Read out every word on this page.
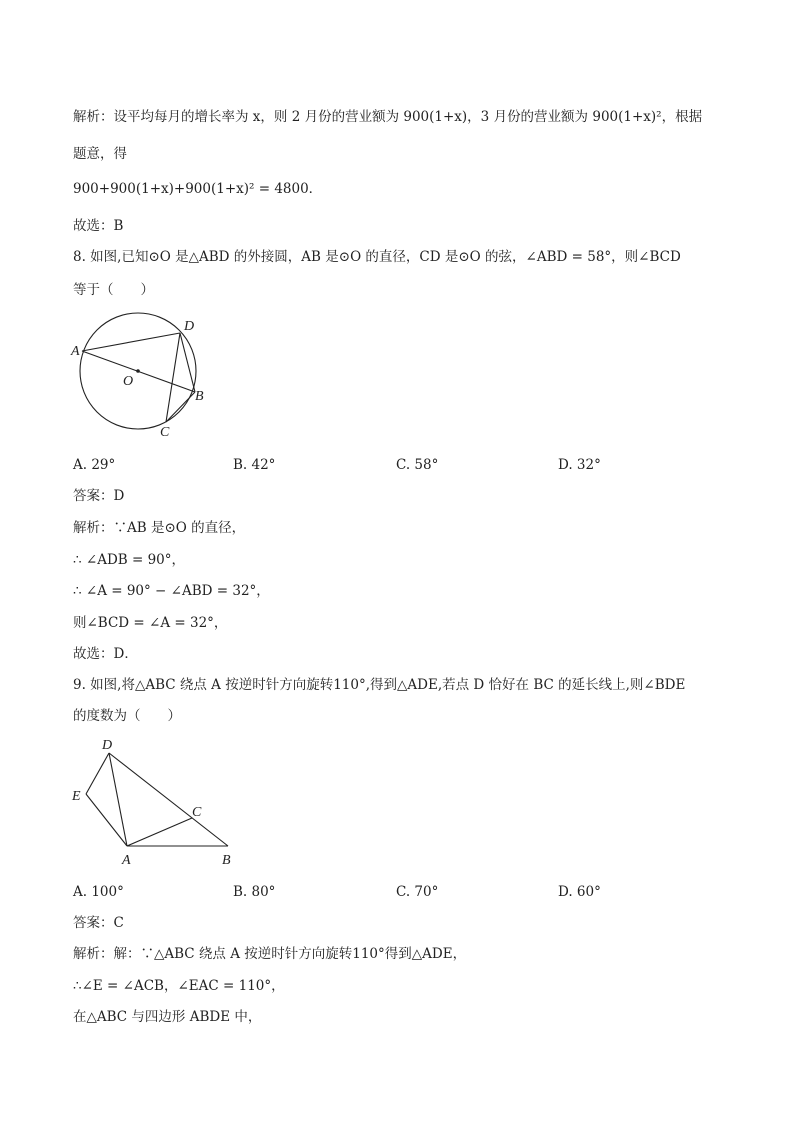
解析：设平均每月的增长率为 x，则 2 月份的营业额为 900(1+x)，3 月份的营业额为 900(1+x)²，根据
题意，得
900+900(1+x)+900(1+x)² = 4800．
故选：B
8. 如图,已知⊙O 是△ABD 的外接圆，AB 是⊙O 的直径，CD 是⊙O 的弦，∠ABD = 58°，则∠BCD
等于（　　）
A
D
O
B
C
A. 29°	B. 42°	C. 58°	D. 32°
答案：D
解析：∵AB 是⊙O 的直径，
∴ ∠ADB = 90°，
∴ ∠A = 90° − ∠ABD = 32°，
则∠BCD = ∠A = 32°，
故选：D．
9. 如图,将△ABC 绕点 A 按逆时针方向旋转110°,得到△ADE,若点 D 恰好在 BC 的延长线上,则∠BDE
的度数为（　　）
D
E
C
A	B
A. 100°	B. 80°	C. 70°	D. 60°
答案：C
解析：解：∵△ABC 绕点 A 按逆时针方向旋转110°得到△ADE，
∴∠E = ∠ACB，∠EAC = 110°，
在△ABC 与四边形 ABDE 中，
